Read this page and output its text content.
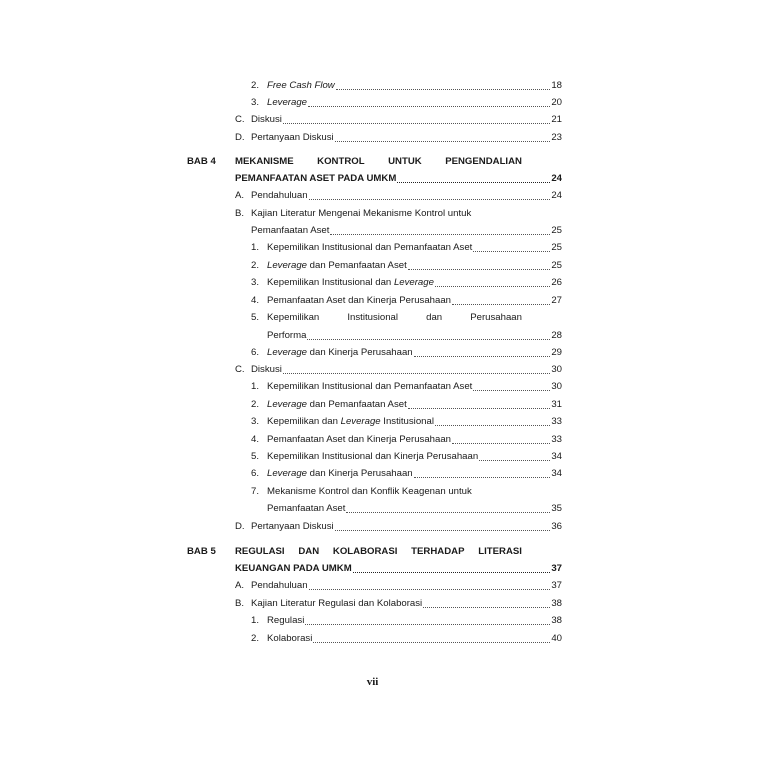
2. Free Cash Flow	18
3. Leverage	20
C. Diskusi	21
D. Pertanyaan Diskusi	23
BAB 4 MEKANISME KONTROL UNTUK PENGENDALIAN
PEMANFAATAN ASET PADA UMKM	24
A. Pendahuluan	24
B. Kajian Literatur Mengenai Mekanisme Kontrol untuk
Pemanfaatan Aset	25
1. Kepemilikan Institusional dan Pemanfaatan Aset	25
2. Leverage dan Pemanfaatan Aset	25
3. Kepemilikan Institusional dan Leverage	26
4. Pemanfaatan Aset dan Kinerja Perusahaan	27
5. Kepemilikan	Institusional	dan	Perusahaan
Performa	28
6. Leverage dan Kinerja Perusahaan	29
C. Diskusi	30
1. Kepemilikan Institusional dan Pemanfaatan Aset	30
2. Leverage dan Pemanfaatan Aset	31
3. Kepemilikan dan Leverage Institusional	33
4. Pemanfaatan Aset dan Kinerja Perusahaan	33
5. Kepemilikan Institusional dan Kinerja Perusahaan	34
6. Leverage dan Kinerja Perusahaan	34
7. Mekanisme Kontrol dan Konflik Keagenan untuk
Pemanfaatan Aset	35
D. Pertanyaan Diskusi	36
BAB 5 REGULASI DAN KOLABORASI TERHADAP LITERASI
KEUANGAN PADA UMKM	37
A. Pendahuluan	37
B. Kajian Literatur Regulasi dan Kolaborasi	38
1. Regulasi	38
2. Kolaborasi	40
vii
